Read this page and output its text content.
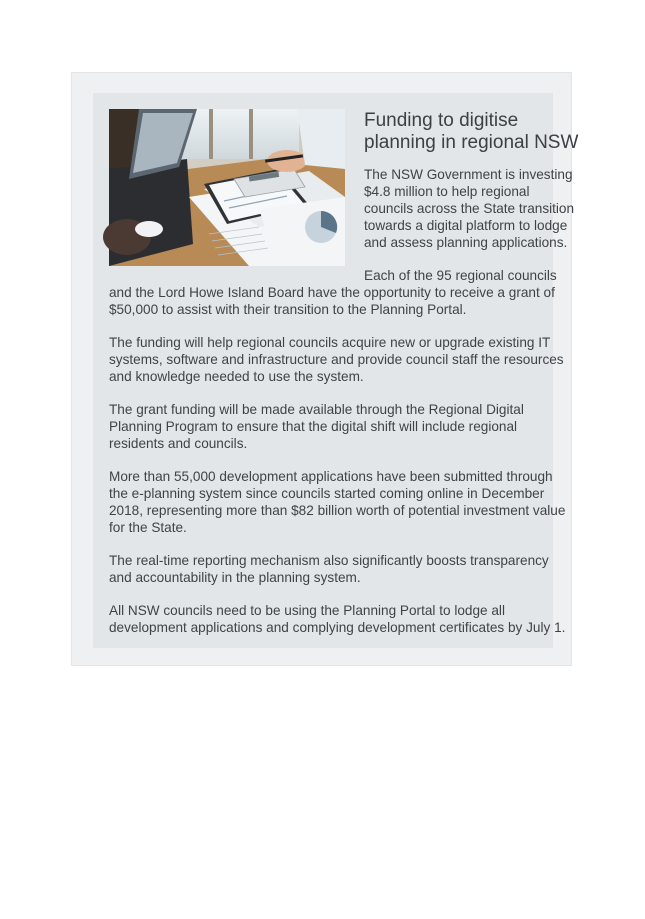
Funding to digitise
planning in regional NSW

The NSW Government is investing
$4.8 million to help regional
councils across the State transition
towards a digital platform to lodge
and assess planning applications.

Each of the 95 regional councils and the Lord Howe Island Board have the opportunity to receive a grant of $50,000 to assist with their transition to the Planning Portal.

The funding will help regional councils acquire new or upgrade existing IT systems, software and infrastructure and provide council staff the resources and knowledge needed to use the system.

The grant funding will be made available through the Regional Digital Planning Program to ensure that the digital shift will include regional residents and councils.

More than 55,000 development applications have been submitted through the e-planning system since councils started coming online in December 2018, representing more than $82 billion worth of potential investment value for the State.

The real-time reporting mechanism also significantly boosts transparency and accountability in the planning system.

All NSW councils need to be using the Planning Portal to lodge all development applications and complying development certificates by July 1.
